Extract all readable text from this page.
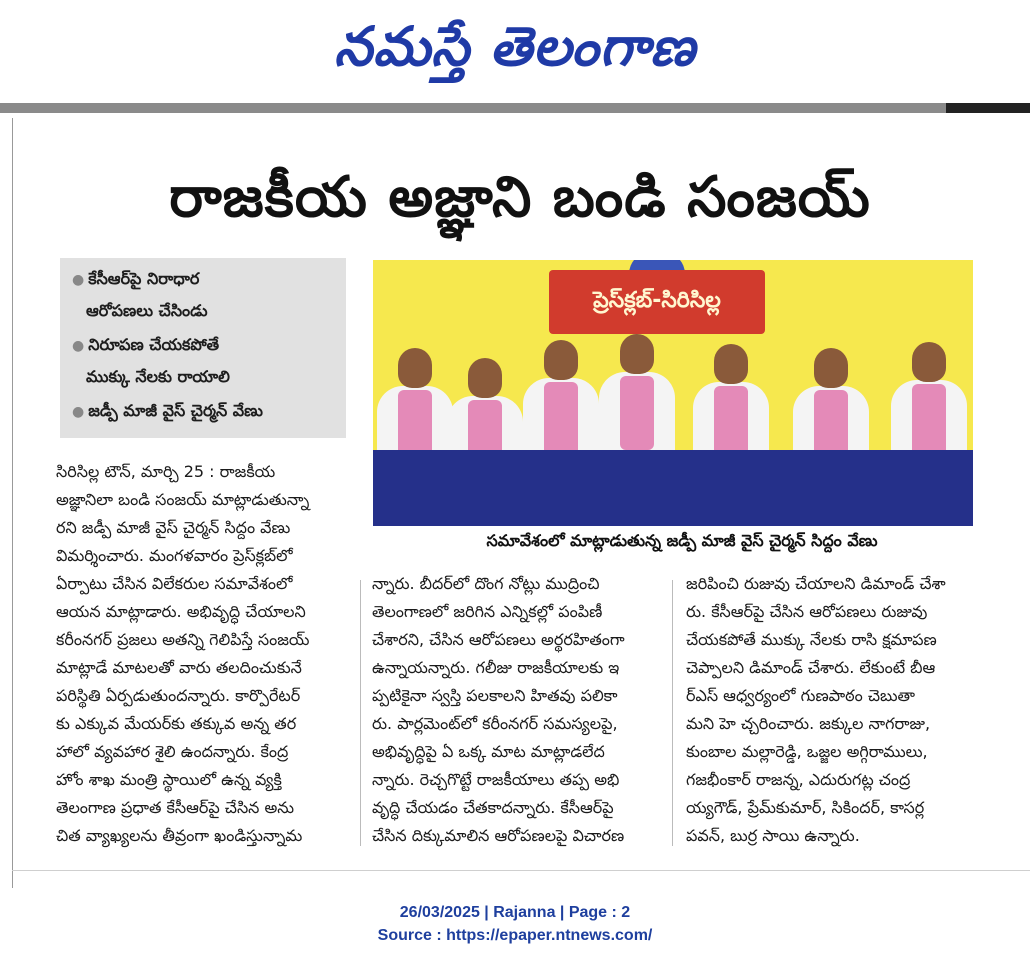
నమస్తే తెలంగాణ
రాజకీయ అజ్ఞాని బండి సంజయ్
● కేసీఆర్‌పై నిరాధార
ఆరోపణలు చేసిండు
● నిరూపణ చేయకపోతే
ముక్కు నేలకు రాయాలి
● జడ్పీ మాజీ వైస్ చైర్మన్ వేణు
ప్రెస్‌క్లబ్-సిరిసిల్ల
సమావేశంలో మాట్లాడుతున్న జడ్పీ మాజీ వైస్ చైర్మన్ సిద్దం వేణు
సిరిసిల్ల టౌన్, మార్చి 25 : రాజకీయ
అజ్ఞానిలా బండి సంజయ్ మాట్లాడుతున్నా
రని జడ్పీ మాజీ వైస్ చైర్మన్ సిద్దం వేణు
విమర్శించారు. మంగళవారం ప్రెస్‌క్లబ్‌లో
ఏర్పాటు చేసిన విలేకరుల సమావేశంలో
ఆయన మాట్లాడారు. అభివృద్ధి చేయాలని
కరీంనగర్ ప్రజలు అతన్ని గెలిపిస్తే సంజయ్
మాట్లాడే మాటలతో వారు తలదించుకునే
పరిస్థితి ఏర్పడుతుందన్నారు. కార్పొరేటర్
కు ఎక్కువ మేయర్‌కు తక్కువ అన్న తర
హాలో వ్యవహార శైలి ఉందన్నారు. కేంద్ర
హోం శాఖ మంత్రి స్థాయిలో ఉన్న వ్యక్తి
తెలంగాణ ప్రధాత కేసీఆర్‌పై చేసిన అను
చిత వ్యాఖ్యలను తీవ్రంగా ఖండిస్తున్నామ
న్నారు. బీదర్‌లో దొంగ నోట్లు ముద్రించి
తెలంగాణలో జరిగిన ఎన్నికల్లో పంపిణీ
చేశారని, చేసిన ఆరోపణలు అర్థరహితంగా
ఉన్నాయన్నారు. గలీజు రాజకీయాలకు ఇ
ప్పటికైనా స్వస్తి పలకాలని హితవు పలికా
రు. పార్లమెంట్‌లో కరీంనగర్ సమస్యలపై,
అభివృద్ధిపై ఏ ఒక్క మాట మాట్లాడలేద
న్నారు. రెచ్చగొట్టే రాజకీయాలు తప్ప అభి
వృద్ధి చేయడం చేతకాదన్నారు. కేసీఆర్‌పై
చేసిన దిక్కుమాలిన ఆరోపణలపై విచారణ
జరిపించి రుజువు చేయాలని డిమాండ్ చేశా
రు. కేసీఆర్‌పై చేసిన ఆరోపణలు రుజువు
చేయకపోతే ముక్కు నేలకు రాసి క్షమాపణ
చెప్పాలని డిమాండ్ చేశారు. లేకుంటే బీఆ
ర్‌ఎస్ ఆధ్వర్యంలో గుణపాఠం చెబుతా
మని హె చ్చరించారు. జక్కుల నాగరాజు,
కుంబాల మల్లారెడ్డి, ఒజ్జల అగ్గిరాములు,
గజభీంకార్ రాజన్న, ఎదురుగట్ల చంద్ర
య్యగౌడ్, ప్రేమ్‌కుమార్, సికిందర్, కాసర్ల
పవన్, బుర్ర సాయి ఉన్నారు.
26/03/2025 | Rajanna | Page : 2
Source : https://epaper.ntnews.com/
